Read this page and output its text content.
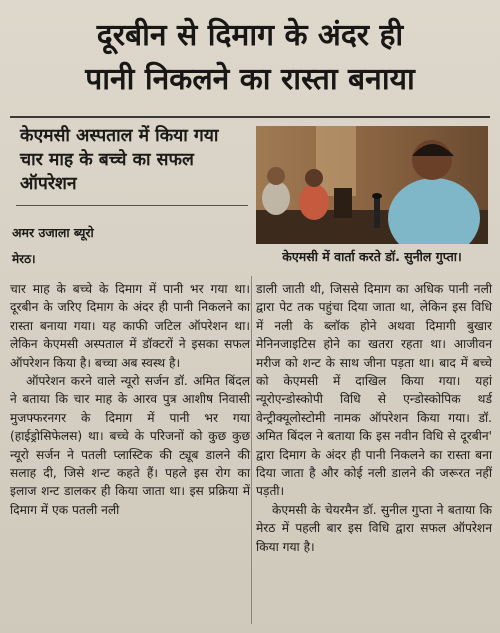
दूरबीन से दिमाग के अंदर ही
पानी निकलने का रास्ता बनाया
केएमसी अस्पताल में किया गया चार माह के बच्चे का सफल ऑपरेशन
अमर उजाला ब्यूरो
मेरठ।	केएमसी में वार्ता करते डॉ. सुनील गुप्ता।

चार माह के बच्चे के दिमाग में पानी भर गया था। दूरबीन के जरिए दिमाग के अंदर ही पानी निकलने का रास्ता बनाया गया। यह काफी जटिल ऑपरेशन था। लेकिन केएमसी अस्पताल में डॉक्टरों ने इसका सफल ऑपरेशन किया है। बच्चा अब स्वस्थ है।

ऑपरेशन करने वाले न्यूरो सर्जन डॉ. अमित बिंदल ने बताया कि चार माह के आरव पुत्र आशीष निवासी मुजफ्फरनगर के दिमाग में पानी भर गया (हाईड्रोसिफेलस) था। बच्चे के परिजनों को कुछ कुछ न्यूरो सर्जन ने पतली प्लास्टिक की ट्यूब डालने की सलाह दी, जिसे शन्ट कहते हैं। पहले इस रोग का इलाज शन्ट डालकर ही किया जाता था। इस प्रक्रिया में दिमाग में एक पतली नली

डाली जाती थी, जिससे दिमाग का अधिक पानी नली द्वारा पेट तक पहुंचा दिया जाता था, लेकिन इस विधि में नली के ब्लॉक होने अथवा दिमागी बुखार मेनिनजाइटिस होने का खतरा रहता था। आजीवन मरीज को शन्ट के साथ जीना पड़ता था। बाद में बच्चे को केएमसी में दाखिल किया गया। यहां न्यूरोएन्डोस्कोपी विधि से एन्डोस्कोपिक थर्ड वेन्ट्रीक्यूलोस्टोमी नामक ऑपरेशन किया गया। डॉ. अमित बिंदल ने बताया कि इस नवीन विधि से दूरबीन' द्वारा दिमाग के अंदर ही पानी निकलने का रास्ता बना दिया जाता है और कोई नली डालने की जरूरत नहीं पड़ती।

केएमसी के चेयरमैन डॉ. सुनील गुप्ता ने बताया कि मेरठ में पहली बार इस विधि द्वारा सफल ऑपरेशन किया गया है।
